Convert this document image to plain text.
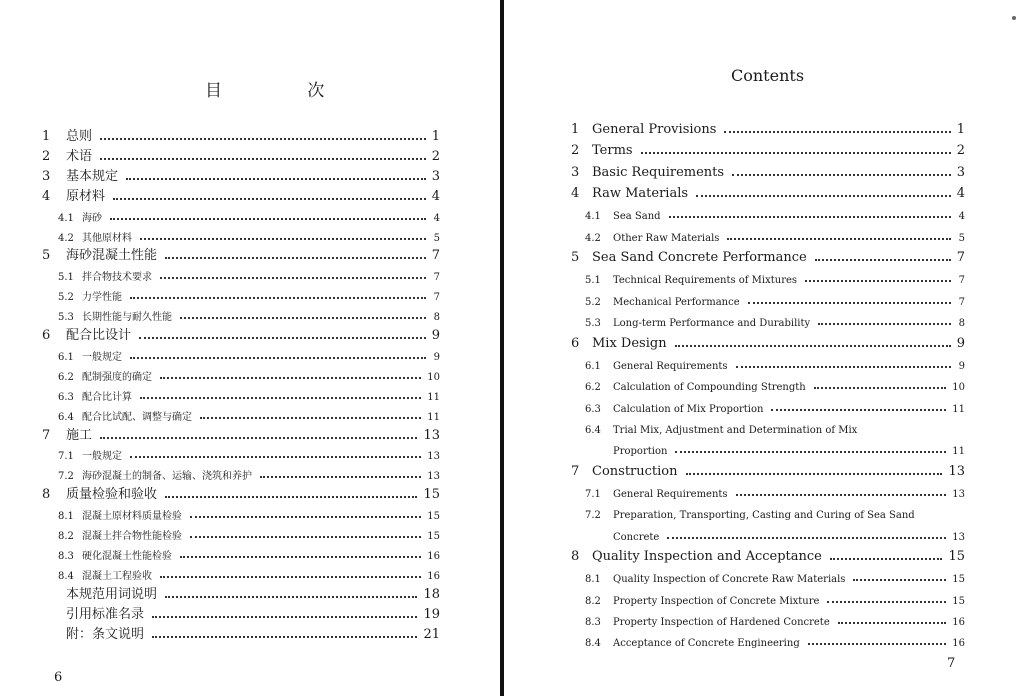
目 次
1	总则	1
2	术语	2
3	基本规定	3
4	原材料	4
4.1 海砂	4
4.2 其他原材料	5
5	海砂混凝土性能	7
5.1 拌合物技术要求	7
5.2 力学性能	7
5.3 长期性能与耐久性能	8
6	配合比设计	9
6.1 一般规定	9
6.2 配制强度的确定	10
6.3 配合比计算	11
6.4 配合比试配、调整与确定	11
7	施工	13
7.1 一般规定	13
7.2 海砂混凝土的制备、运输、浇筑和养护	13
8	质量检验和验收	15
8.1 混凝土原材料质量检验	15
8.2 混凝土拌合物性能检验	15
8.3 硬化混凝土性能检验	16
8.4 混凝土工程验收	16
本规范用词说明	18
引用标准名录	19
附：条文说明	21
6
Contents
1 General Provisions	1
2 Terms	2
3 Basic Requirements	3
4 Raw Materials	4
4.1	Sea Sand	4
4.2	Other Raw Materials	5
5 Sea Sand Concrete Performance	7
5.1	Technical Requirements of Mixtures	7
5.2	Mechanical Performance	7
5.3	Long-term Performance and Durability	8
6 Mix Design	9
6.1	General Requirements	9
6.2	Calculation of Compounding Strength	10
6.3	Calculation of Mix Proportion	11
6.4	Trial Mix, Adjustment and Determination of Mix
Proportion	11
7 Construction	13
7.1	General Requirements	13
7.2	Preparation, Transporting, Casting and Curing of Sea Sand
Concrete	13
8 Quality Inspection and Acceptance	15
8.1	Quality Inspection of Concrete Raw Materials	15
8.2	Property Inspection of Concrete Mixture	15
8.3	Property Inspection of Hardened Concrete	16
8.4	Acceptance of Concrete Engineering	16
7
